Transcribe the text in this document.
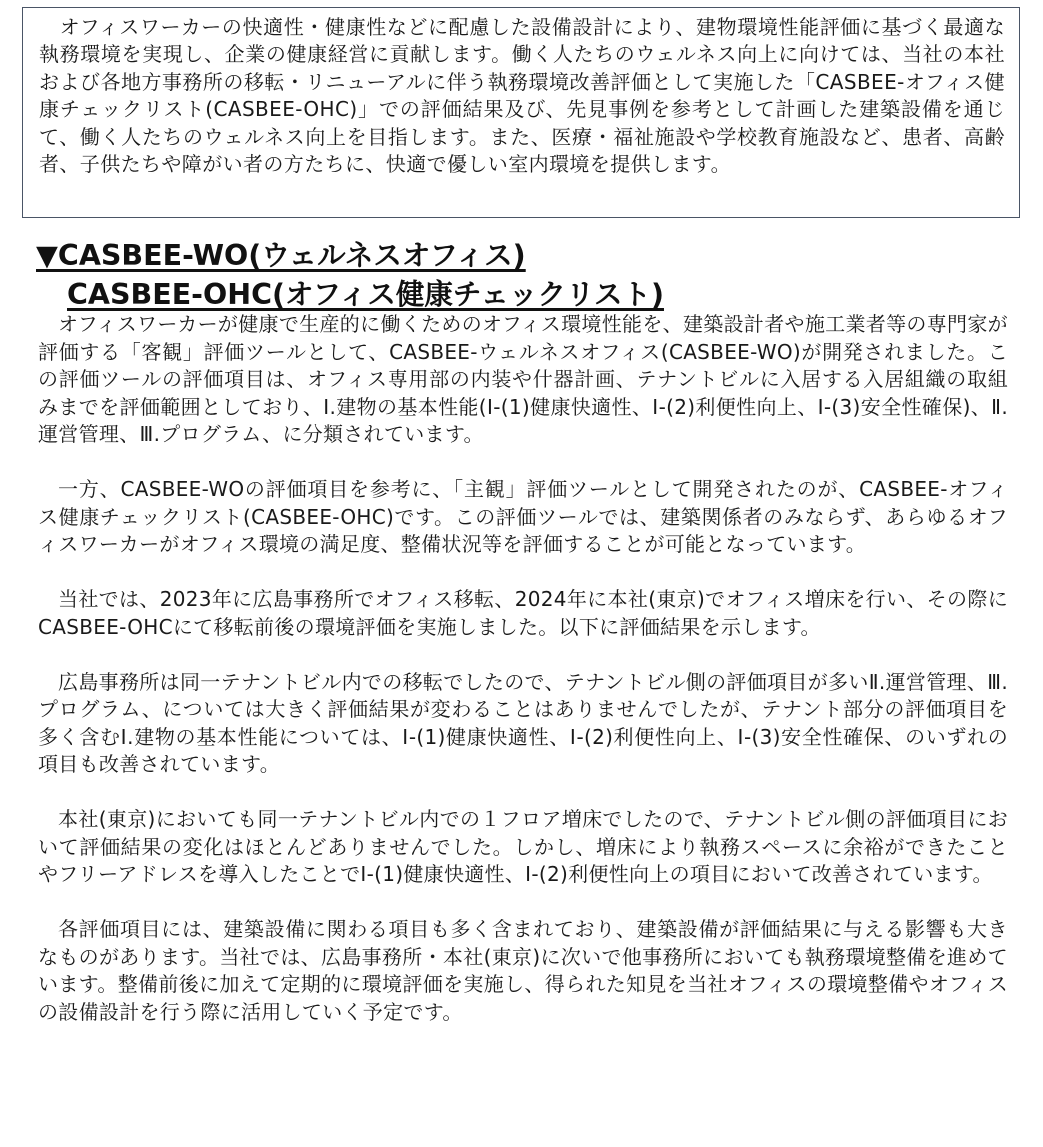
　オフィスワーカーの快適性・健康性などに配慮した設備設計により、建物環境性能評価に基づく最適な執務環境を実現し、企業の健康経営に貢献します。働く人たちのウェルネス向上に向けては、当社の本社および各地方事務所の移転・リニューアルに伴う執務環境改善評価として実施した「CASBEE-オフィス健康チェックリスト(CASBEE-OHC)」での評価結果及び、先見事例を参考として計画した建築設備を通じて、働く人たちのウェルネス向上を目指します。また、医療・福祉施設や学校教育施設など、患者、高齢者、子供たちや障がい者の方たちに、快適で優しい室内環境を提供します。

▼CASBEE-WO(ウェルネスオフィス)
CASBEE-OHC(オフィス健康チェックリスト)

オフィスワーカーが健康で生産的に働くためのオフィス環境性能を、建築設計者や施工業者等の専門家が評価する「客観」評価ツールとして、CASBEE-ウェルネスオフィス(CASBEE-WO)が開発されました。この評価ツールの評価項目は、オフィス専用部の内装や什器計画、テナントビルに入居する入居組織の取組みまでを評価範囲としており、Ⅰ.建物の基本性能(Ⅰ-(1)健康快適性、Ⅰ-(2)利便性向上、Ⅰ-(3)安全性確保)、Ⅱ.運営管理、Ⅲ.プログラム、に分類されています。

一方、CASBEE-WOの評価項目を参考に、「主観」評価ツールとして開発されたのが、CASBEE-オフィス健康チェックリスト(CASBEE-OHC)です。この評価ツールでは、建築関係者のみならず、あらゆるオフィスワーカーがオフィス環境の満足度、整備状況等を評価することが可能となっています。

当社では、2023年に広島事務所でオフィス移転、2024年に本社(東京)でオフィス増床を行い、その際にCASBEE-OHCにて移転前後の環境評価を実施しました。以下に評価結果を示します。

広島事務所は同一テナントビル内での移転でしたので、テナントビル側の評価項目が多いⅡ.運営管理、Ⅲ.プログラム、については大きく評価結果が変わることはありませんでしたが、テナント部分の評価項目を多く含むⅠ.建物の基本性能については、Ⅰ-(1)健康快適性、Ⅰ-(2)利便性向上、Ⅰ-(3)安全性確保、のいずれの項目も改善されています。

本社(東京)においても同一テナントビル内での１フロア増床でしたので、テナントビル側の評価項目において評価結果の変化はほとんどありませんでした。しかし、増床により執務スペースに余裕ができたことやフリーアドレスを導入したことでⅠ-(1)健康快適性、Ⅰ-(2)利便性向上の項目において改善されています。

各評価項目には、建築設備に関わる項目も多く含まれており、建築設備が評価結果に与える影響も大きなものがあります。当社では、広島事務所・本社(東京)に次いで他事務所においても執務環境整備を進めています。整備前後に加えて定期的に環境評価を実施し、得られた知見を当社オフィスの環境整備やオフィスの設備設計を行う際に活用していく予定です。
